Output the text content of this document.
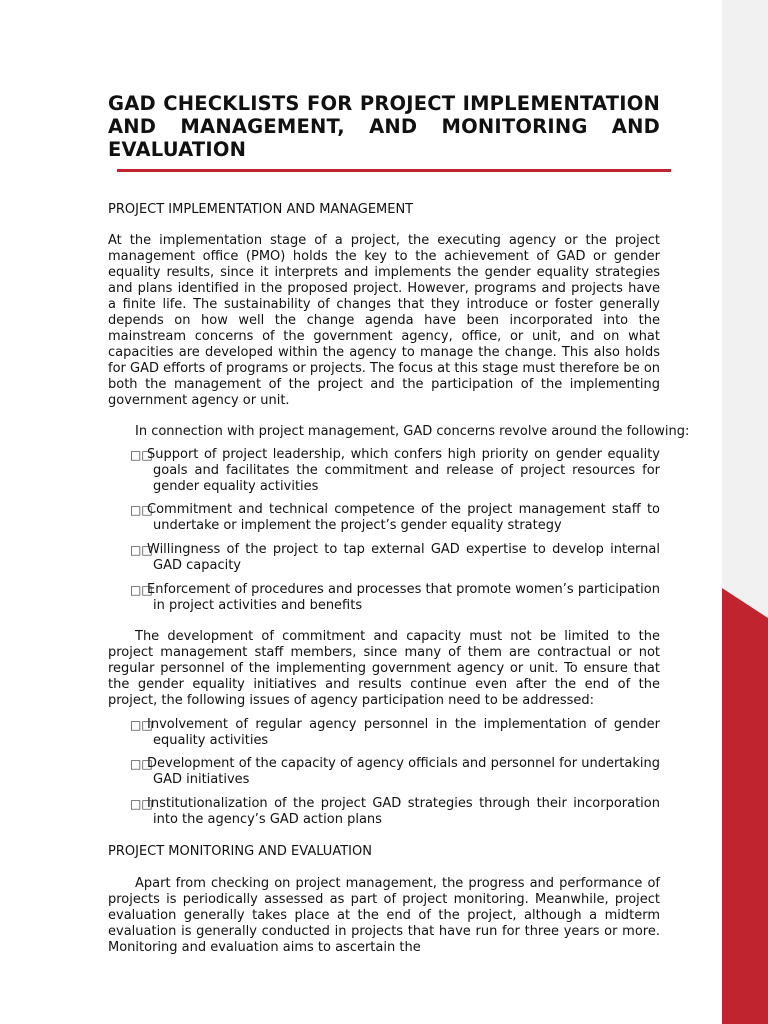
GAD CHECKLISTS FOR PROJECT IMPLEMENTATION AND MANAGEMENT, AND MONITORING AND EVALUATION
PROJECT IMPLEMENTATION AND MANAGEMENT

At the implementation stage of a project, the executing agency or the project management office (PMO) holds the key to the achievement of GAD or gender equality results, since it interprets and implements the gender equality strategies and plans identified in the proposed project. However, programs and projects have a finite life. The sustainability of changes that they introduce or foster generally depends on how well the change agenda have been incorporated into the mainstream concerns of the government agency, office, or unit, and on what capacities are developed within the agency to manage the change. This also holds for GAD efforts of programs or projects. The focus at this stage must therefore be on both the management of the project and the participation of the implementing government agency or unit.

In connection with project management, GAD concerns revolve around the following:
□□
Support of project leadership, which confers high priority on gender equality goals and facilitates the commitment and release of project resources for gender equality activities
□□
Commitment and technical competence of the project management staff to undertake or implement the project’s gender equality strategy
□□
Willingness of the project to tap external GAD expertise to develop internal GAD capacity
□□
Enforcement of procedures and processes that promote women’s participation in project activities and benefits

The development of commitment and capacity must not be limited to the project management staff members, since many of them are contractual or not regular personnel of the implementing government agency or unit. To ensure that the gender equality initiatives and results continue even after the end of the project, the following issues of agency participation need to be addressed:

□□
Involvement of regular agency personnel in the implementation of gender equality activities
□□
Development of the capacity of agency officials and personnel for undertaking GAD initiatives
□□
Institutionalization of the project GAD strategies through their incorporation into the agency’s GAD action plans
PROJECT MONITORING AND EVALUATION

Apart from checking on project management, the progress and performance of projects is periodically assessed as part of project monitoring. Meanwhile, project evaluation generally takes place at the end of the project, although a midterm evaluation is generally conducted in projects that have run for three years or more. Monitoring and evaluation aims to ascertain the
